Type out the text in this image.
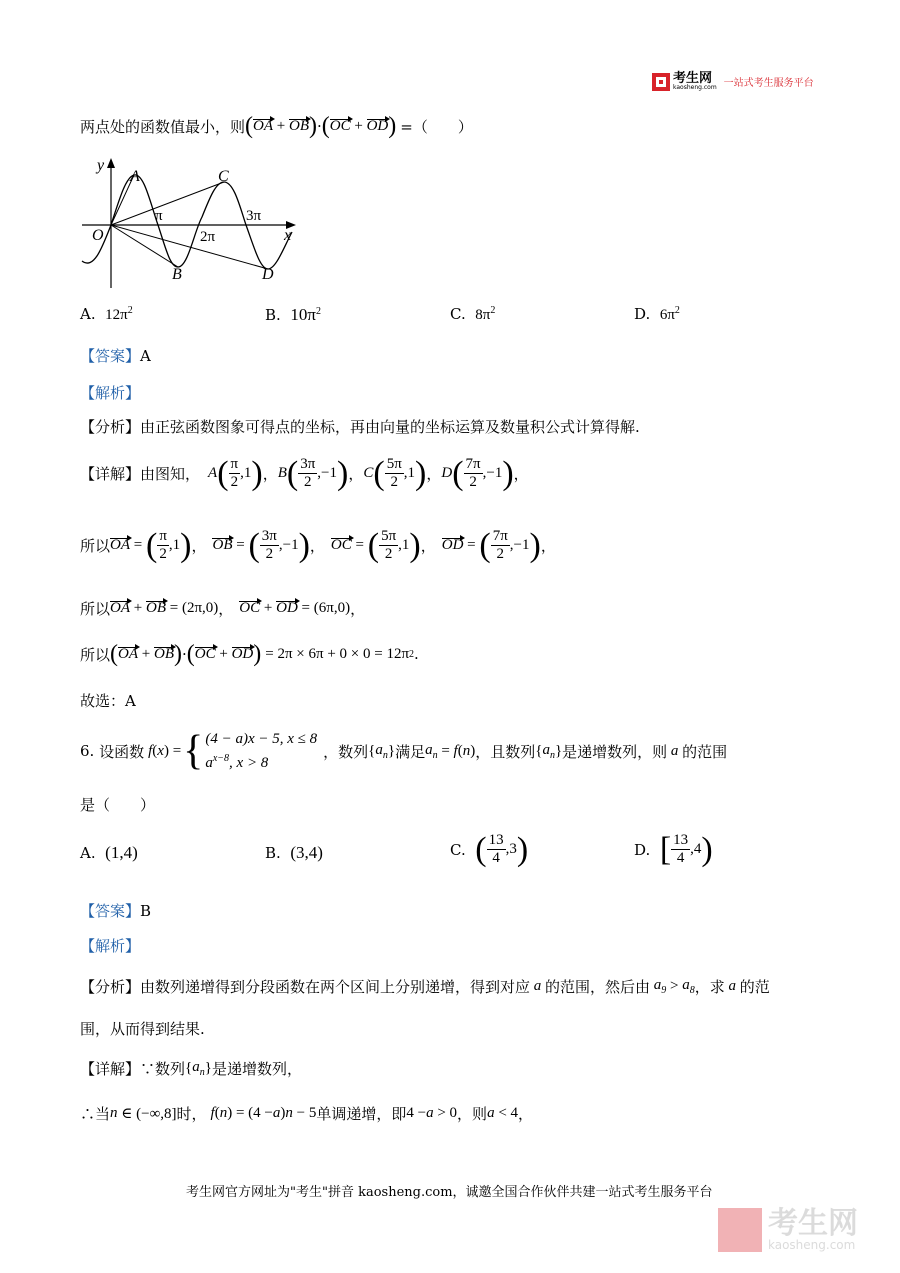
考生网
kaosheng.com 一站式考生服务平台
两点处的函数值最小，则 ( OA + OB ) · ( OC + OD ) =（　　）
y
x
O
A
B
C
D
π
2π
3π
A. $12\pi^2$	B. $10\pi^2$	C. $8\pi^2$	D. $6\pi^2$
【答案】A
【解析】
【分析】由正弦函数图象可得点的坐标，再由向量的坐标运算及数量积公式计算得解.
【详解】 由图知， A ( $\frac{\pi}{2} ,1$ ) ， B ( $\frac{3\pi}{2} ,-1$ ) ， C ( $\frac{5\pi}{2} ,1$ ) ， D ( $\frac{7\pi}{2} ,-1$ ) ，
所以 OA = ( $\frac{\pi}{2} ,1$ ) ， OB = ( $\frac{3\pi}{2} ,-1$ ) ， OC = ( $\frac{5\pi}{2} ,1$ ) ， OD = ( $\frac{7\pi}{2} ,-1$ ) ，
所以 OA + OB = (2π,0) ， OC + OD = (6π,0) ，
所以 ( OA + OB ) · ( OC + OD ) = 2π × 6π + 0 × 0 = 12π 2 .
故选：A
6.
设函数 f ( x ) = { (4 − a)x − 5, x ≤ 8
$a^{x-8}$, x > 8
，数列 { $a_n$ } 满足 $a_n = f$ ( n ) ，且数列 { $a_n$ } 是递增数列，则 a 的范围
是（　　）
A.
(1,4)	B.
(3,4)	C.
( $\frac{13}{4} ,3$ )	D.
[ $\frac{13}{4} ,4$ )
【答案】B
【解析】
【分析】 由数列递增得到分段函数在两个区间上分别递增，得到对应 a 的范围，然后由 $a_9 > a_8$ ，求 a 的范
围，从而得到结果.
【详解】 ∵数列 { $a_n$ } 是递增数列，
∴当 n ∈ (−∞,8] 时， f ( n ) = (4 − a ) n − 5 单调递增，即 4 − a > 0 ，则 a < 4 ，
考生网官方网址为"考生"拼音 kaosheng.com，诚邀全国合作伙伴共建一站式考生服务平台
考生网
kaosheng.com
